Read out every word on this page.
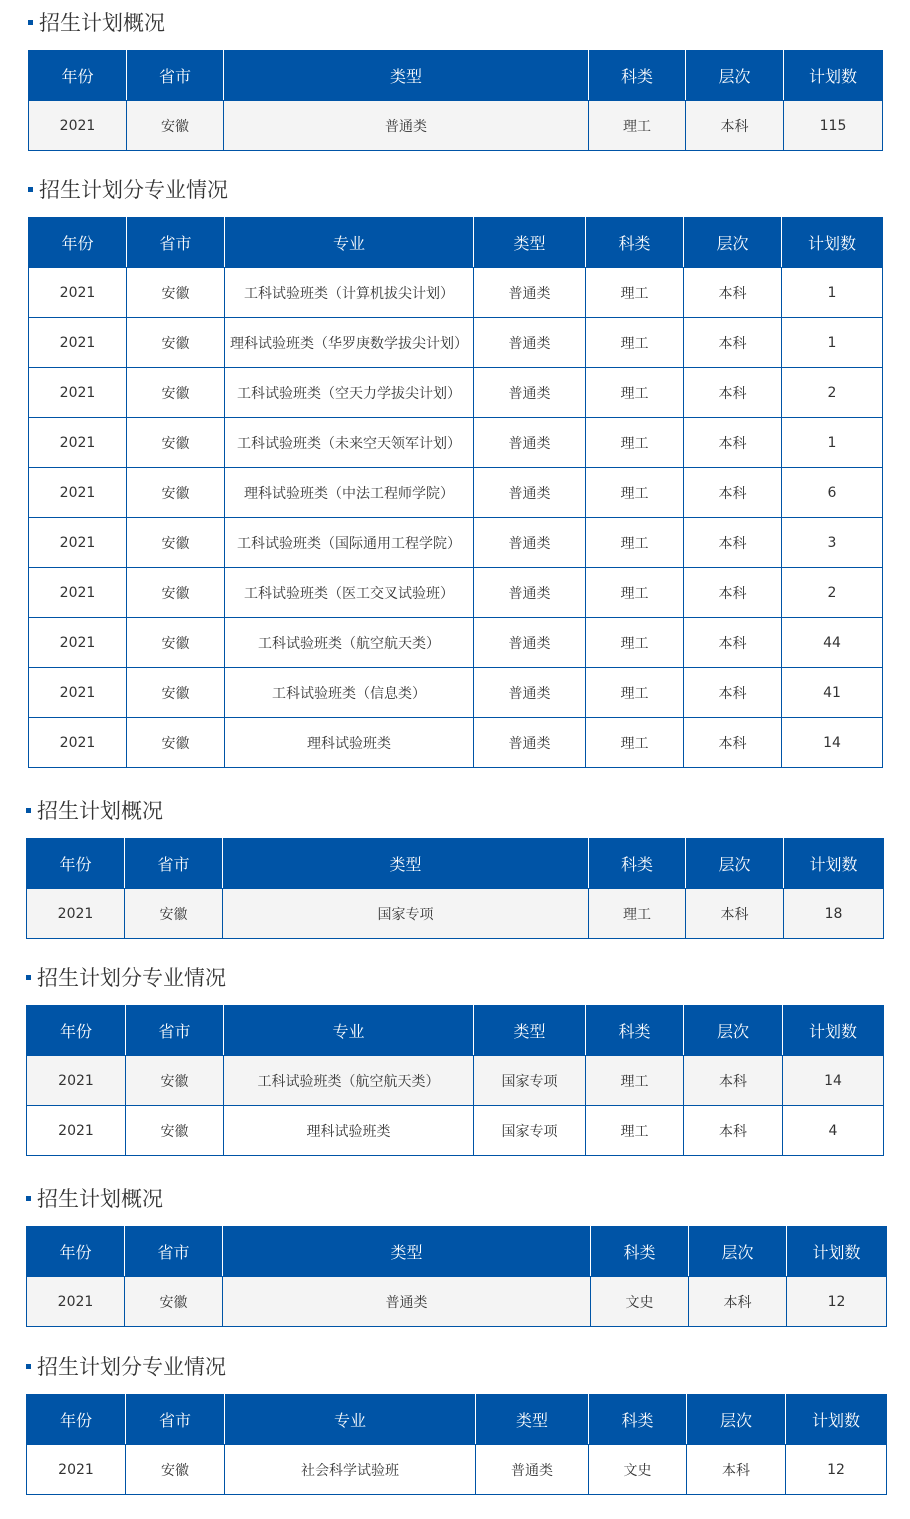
招生计划概况
年份	省市	类型	科类	层次	计划数
2021	安徽	普通类	理工	本科	115
招生计划分专业情况
年份	省市	专业	类型	科类	层次	计划数
2021	安徽	工科试验班类（计算机拔尖计划）	普通类	理工	本科	1
2021	安徽	理科试验班类（华罗庚数学拔尖计划）	普通类	理工	本科	1
2021	安徽	工科试验班类（空天力学拔尖计划）	普通类	理工	本科	2
2021	安徽	工科试验班类（未来空天领军计划）	普通类	理工	本科	1
2021	安徽	理科试验班类（中法工程师学院）	普通类	理工	本科	6
2021	安徽	工科试验班类（国际通用工程学院）	普通类	理工	本科	3
2021	安徽	工科试验班类（医工交叉试验班）	普通类	理工	本科	2
2021	安徽	工科试验班类（航空航天类）	普通类	理工	本科	44
2021	安徽	工科试验班类（信息类）	普通类	理工	本科	41
2021	安徽	理科试验班类	普通类	理工	本科	14
招生计划概况
年份	省市	类型	科类	层次	计划数
2021	安徽	国家专项	理工	本科	18
招生计划分专业情况
年份	省市	专业	类型	科类	层次	计划数
2021	安徽	工科试验班类（航空航天类）	国家专项	理工	本科	14
2021	安徽	理科试验班类	国家专项	理工	本科	4
招生计划概况
年份	省市	类型	科类	层次	计划数
2021	安徽	普通类	文史	本科	12
招生计划分专业情况
年份	省市	专业	类型	科类	层次	计划数
2021	安徽	社会科学试验班	普通类	文史	本科	12
